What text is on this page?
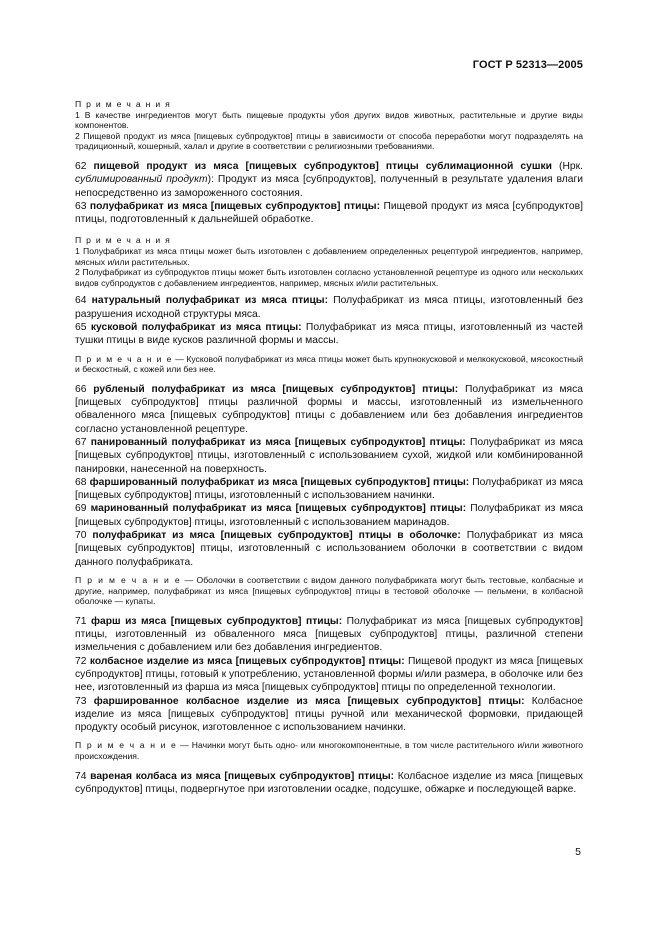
ГОСТ Р 52313—2005

П р и м е ч а н и я

1 В качестве ингредиентов могут быть пищевые продукты убоя других видов животных, растительные и другие виды компонентов.

2 Пищевой продукт из мяса [пищевых субпродуктов] птицы в зависимости от способа переработки могут подразделять на традиционный, кошерный, халал и другие в соответствии с религиозными требованиями.

62 пищевой продукт из мяса [пищевых субпродуктов] птицы сублимационной сушки (Нрк. сублимированный продукт): Продукт из мяса [субпродуктов], полученный в результате удаления влаги непосредственно из замороженного состояния.

63 полуфабрикат из мяса [пищевых субпродуктов] птицы: Пищевой продукт из мяса [субпродуктов] птицы, подготовленный к дальнейшей обработке.

П р и м е ч а н и я

1 Полуфабрикат из мяса птицы может быть изготовлен с добавлением определенных рецептурой ингредиентов, например, мясных и/или растительных.

2 Полуфабрикат из субпродуктов птицы может быть изготовлен согласно установленной рецептуре из одного или нескольких видов субпродуктов с добавлением ингредиентов, например, мясных и/или растительных.

64 натуральный полуфабрикат из мяса птицы: Полуфабрикат из мяса птицы, изготовленный без разрушения исходной структуры мяса.

65 кусковой полуфабрикат из мяса птицы: Полуфабрикат из мяса птицы, изготовленный из частей тушки птицы в виде кусков различной формы и массы.

П р и м е ч а н и е — Кусковой полуфабрикат из мяса птицы может быть крупнокусковой и мелкокусковой, мясокостный и бескостный, с кожей или без нее.

66 рубленый полуфабрикат из мяса [пищевых субпродуктов] птицы: Полуфабрикат из мяса [пищевых субпродуктов] птицы различной формы и массы, изготовленный из измельченного обваленного мяса [пищевых субпродуктов] птицы с добавлением или без добавления ингредиентов согласно установленной рецептуре.

67 панированный полуфабрикат из мяса [пищевых субпродуктов] птицы: Полуфабрикат из мяса [пищевых субпродуктов] птицы, изготовленный с использованием сухой, жидкой или комбинированной панировки, нанесенной на поверхность.

68 фаршированный полуфабрикат из мяса [пищевых субпродуктов] птицы: Полуфабрикат из мяса [пищевых субпродуктов] птицы, изготовленный с использованием начинки.

69 маринованный полуфабрикат из мяса [пищевых субпродуктов] птицы: Полуфабрикат из мяса [пищевых субпродуктов] птицы, изготовленный с использованием маринадов.

70 полуфабрикат из мяса [пищевых субпродуктов] птицы в оболочке: Полуфабрикат из мяса [пищевых субпродуктов] птицы, изготовленный с использованием оболочки в соответствии с видом данного полуфабриката.

П р и м е ч а н и е — Оболочки в соответствии с видом данного полуфабриката могут быть тестовые, колбасные и другие, например, полуфабрикат из мяса [пищевых субпродуктов] птицы в тестовой оболочке — пельмени, в колбасной оболочке — купаты.

71 фарш из мяса [пищевых субпродуктов] птицы: Полуфабрикат из мяса [пищевых субпродуктов] птицы, изготовленный из обваленного мяса [пищевых субпродуктов] птицы, различной степени измельчения с добавлением или без добавления ингредиентов.

72 колбасное изделие из мяса [пищевых субпродуктов] птицы: Пищевой продукт из мяса [пищевых субпродуктов] птицы, готовый к употреблению, установленной формы и/или размера, в оболочке или без нее, изготовленный из фарша из мяса [пищевых субпродуктов] птицы по определенной технологии.

73 фаршированное колбасное изделие из мяса [пищевых субпродуктов] птицы: Колбасное изделие из мяса [пищевых субпродуктов] птицы ручной или механической формовки, придающей продукту особый рисунок, изготовленное с использованием начинки.

П р и м е ч а н и е — Начинки могут быть одно- или многокомпонентные, в том числе растительного и/или животного происхождения.

74 вареная колбаса из мяса [пищевых субпродуктов] птицы: Колбасное изделие из мяса [пищевых субпродуктов] птицы, подвергнутое при изготовлении осадке, подсушке, обжарке и последующей варке.

5
